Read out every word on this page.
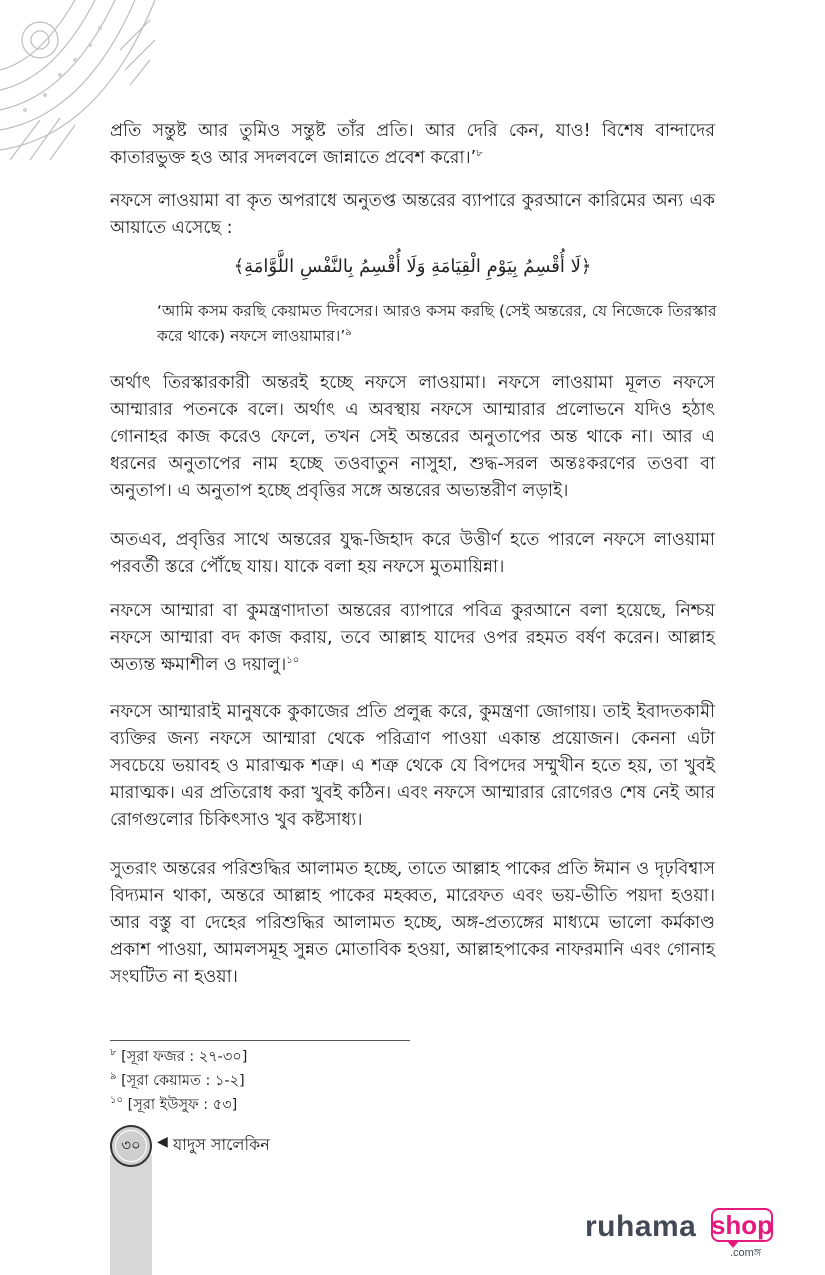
প্রতি সন্তুষ্ট আর তুমিও সন্তুষ্ট তাঁর প্রতি। আর দেরি কেন, যাও! বিশেষ বান্দাদের কাতারভুক্ত হও আর সদলবলে জান্নাতে প্রবেশ করো।’$^৮$

নফসে লাওয়ামা বা কৃত অপরাধে অনুতপ্ত অন্তরের ব্যাপারে কুরআনে কারিমের অন্য এক আয়াতে এসেছে :

﴿لَا أُقْسِمُ بِيَوْمِ الْقِيَامَةِ وَلَا أُقْسِمُ بِالنَّفْسِ اللَّوَّامَةِ﴾

‘আমি কসম করছি কেয়ামত দিবসের। আরও কসম করছি (সেই অন্তরের, যে নিজেকে তিরস্কার করে থাকে) নফসে লাওয়ামার।’$^৯$

অর্থাৎ তিরস্কারকারী অন্তরই হচ্ছে নফসে লাওয়ামা। নফসে লাওয়ামা মূলত নফসে আম্মারার পতনকে বলে। অর্থাৎ এ অবস্থায় নফসে আম্মারার প্রলোভনে যদিও হঠাৎ গোনাহর কাজ করেও ফেলে, তখন সেই অন্তরের অনুতাপের অন্ত থাকে না। আর এ ধরনের অনুতাপের নাম হচ্ছে তওবাতুন নাসুহা, শুদ্ধ-সরল অন্তঃকরণের তওবা বা অনুতাপ। এ অনুতাপ হচ্ছে প্রবৃত্তির সঙ্গে অন্তরের অভ্যন্তরীণ লড়াই।

অতএব, প্রবৃত্তির সাথে অন্তরের যুদ্ধ-জিহাদ করে উত্তীর্ণ হতে পারলে নফসে লাওয়ামা পরবর্তী স্তরে পৌঁছে যায়। যাকে বলা হয় নফসে মুতমায়িন্না।

নফসে আম্মারা বা কুমন্ত্রণাদাতা অন্তরের ব্যাপারে পবিত্র কুরআনে বলা হয়েছে, নিশ্চয় নফসে আম্মারা বদ কাজ করায়, তবে আল্লাহ যাদের ওপর রহমত বর্ষণ করেন। আল্লাহ অত্যন্ত ক্ষমাশীল ও দয়ালু।$^{১০}$

নফসে আম্মারাই মানুষকে কুকাজের প্রতি প্রলুব্ধ করে, কুমন্ত্রণা জোগায়। তাই ইবাদতকামী ব্যক্তির জন্য নফসে আম্মারা থেকে পরিত্রাণ পাওয়া একান্ত প্রয়োজন। কেননা এটা সবচেয়ে ভয়াবহ ও মারাত্মক শত্রু। এ শত্রু থেকে যে বিপদের সম্মুখীন হতে হয়, তা খুবই মারাত্মক। এর প্রতিরোধ করা খুবই কঠিন। এবং নফসে আম্মারার রোগেরও শেষ নেই আর রোগগুলোর চিকিৎসাও খুব কষ্টসাধ্য।

সুতরাং অন্তরের পরিশুদ্ধির আলামত হচ্ছে, তাতে আল্লাহ পাকের প্রতি ঈমান ও দৃঢ়বিশ্বাস বিদ্যমান থাকা, অন্তরে আল্লাহ পাকের মহব্বত, মারেফত এবং ভয়-ভীতি পয়দা হওয়া। আর বস্তু বা দেহের পরিশুদ্ধির আলামত হচ্ছে, অঙ্গ-প্রত্যঙ্গের মাধ্যমে ভালো কর্মকাণ্ড প্রকাশ পাওয়া, আমলসমূহ সুন্নত মোতাবিক হওয়া, আল্লাহপাকের নাফরমানি এবং গোনাহ সংঘটিত না হওয়া।

$^৮$ [সূরা ফজর : ২৭-৩০]

$^৯$ [সূরা কেয়ামত : ১-২]

$^{১০}$ [সূরা ইউসুফ : ৫৩]

৩০ ◀ যাদুস সালেকিন
ruhama shop
.comঙ্গ
